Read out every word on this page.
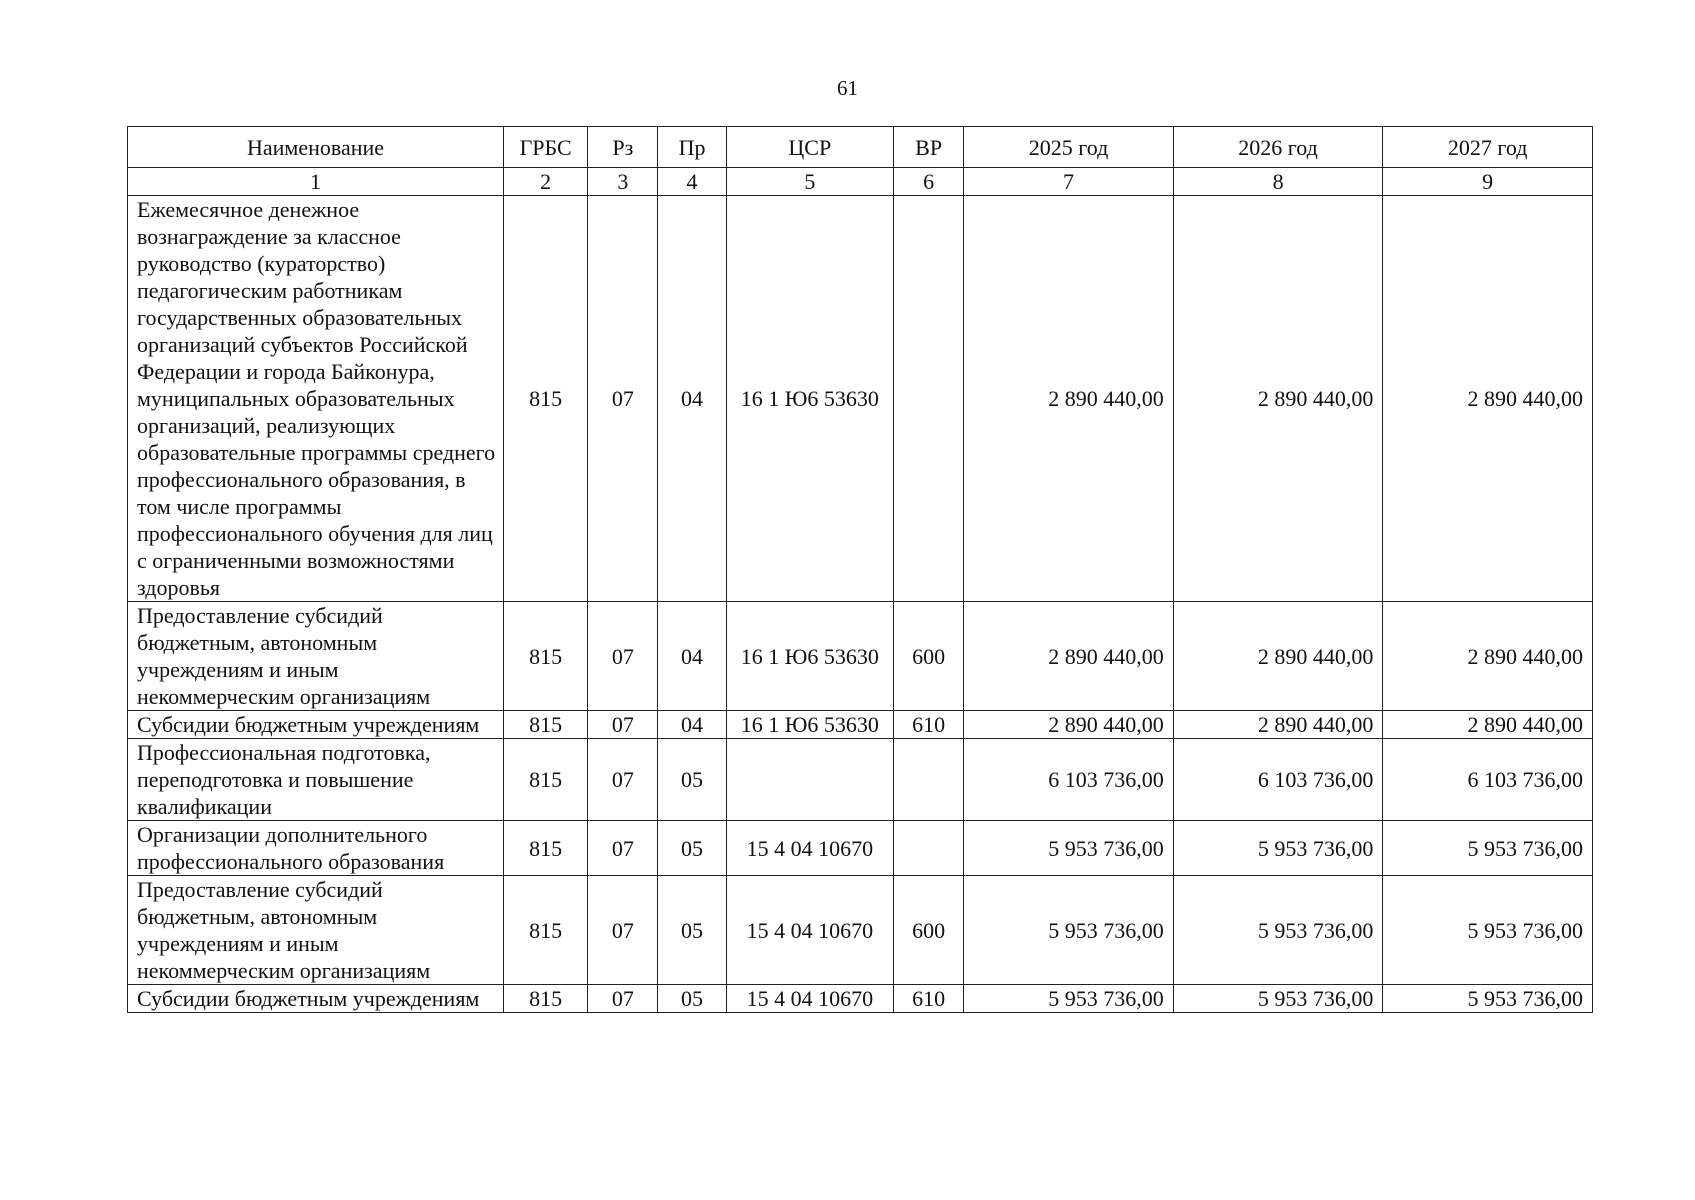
61
Наименование	ГРБС	Рз	Пр	ЦСР	ВР	2025 год	2026 год	2027 год
1	2	3	4	5	6	7	8	9
Ежемесячное денежное вознаграждение за классное руководство (кураторство) педагогическим работникам государственных образовательных организаций субъектов Российской Федерации и города Байконура, муниципальных образовательных организаций, реализующих образовательные программы среднего профессионального образования, в том числе программы профессионального обучения для лиц с ограниченными возможностями здоровья	815	07	04	16 1 Ю6 53630		2 890 440,00	2 890 440,00	2 890 440,00
Предоставление субсидий бюджетным, автономным учреждениям и иным некоммерческим организациям	815	07	04	16 1 Ю6 53630	600	2 890 440,00	2 890 440,00	2 890 440,00
Субсидии бюджетным учреждениям	815	07	04	16 1 Ю6 53630	610	2 890 440,00	2 890 440,00	2 890 440,00
Профессиональная подготовка, переподготовка и повышение квалификации	815	07	05			6 103 736,00	6 103 736,00	6 103 736,00
Организации дополнительного профессионального образования	815	07	05	15 4 04 10670		5 953 736,00	5 953 736,00	5 953 736,00
Предоставление субсидий бюджетным, автономным учреждениям и иным некоммерческим организациям	815	07	05	15 4 04 10670	600	5 953 736,00	5 953 736,00	5 953 736,00
Субсидии бюджетным учреждениям	815	07	05	15 4 04 10670	610	5 953 736,00	5 953 736,00	5 953 736,00
